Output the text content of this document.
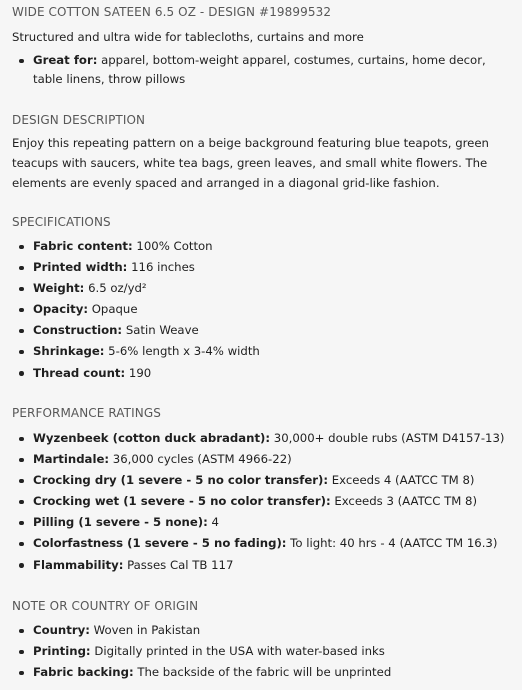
WIDE COTTON SATEEN 6.5 OZ - DESIGN #19899532

Structured and ultra wide for tablecloths, curtains and more

Great for: apparel, bottom-weight apparel, costumes, curtains, home decor, table linens, throw pillows
DESIGN DESCRIPTION

Enjoy this repeating pattern on a beige background featuring blue teapots, green teacups with saucers, white tea bags, green leaves, and small white flowers. The elements are evenly spaced and arranged in a diagonal grid-like fashion.

SPECIFICATIONS
Fabric content: 100% Cotton
Printed width: 116 inches
Weight: 6.5 oz/yd²
Opacity: Opaque
Construction: Satin Weave
Shrinkage: 5-6% length x 3-4% width
Thread count: 190
PERFORMANCE RATINGS
Wyzenbeek (cotton duck abradant): 30,000+ double rubs (ASTM D4157-13)
Martindale: 36,000 cycles (ASTM 4966-22)
Crocking dry (1 severe - 5 no color transfer): Exceeds 4 (AATCC TM 8)
Crocking wet (1 severe - 5 no color transfer): Exceeds 3 (AATCC TM 8)
Pilling (1 severe - 5 none): 4
Colorfastness (1 severe - 5 no fading): To light: 40 hrs - 4 (AATCC TM 16.3)
Flammability: Passes Cal TB 117
NOTE OR COUNTRY OF ORIGIN
Country: Woven in Pakistan
Printing: Digitally printed in the USA with water-based inks
Fabric backing: The backside of the fabric will be unprinted
